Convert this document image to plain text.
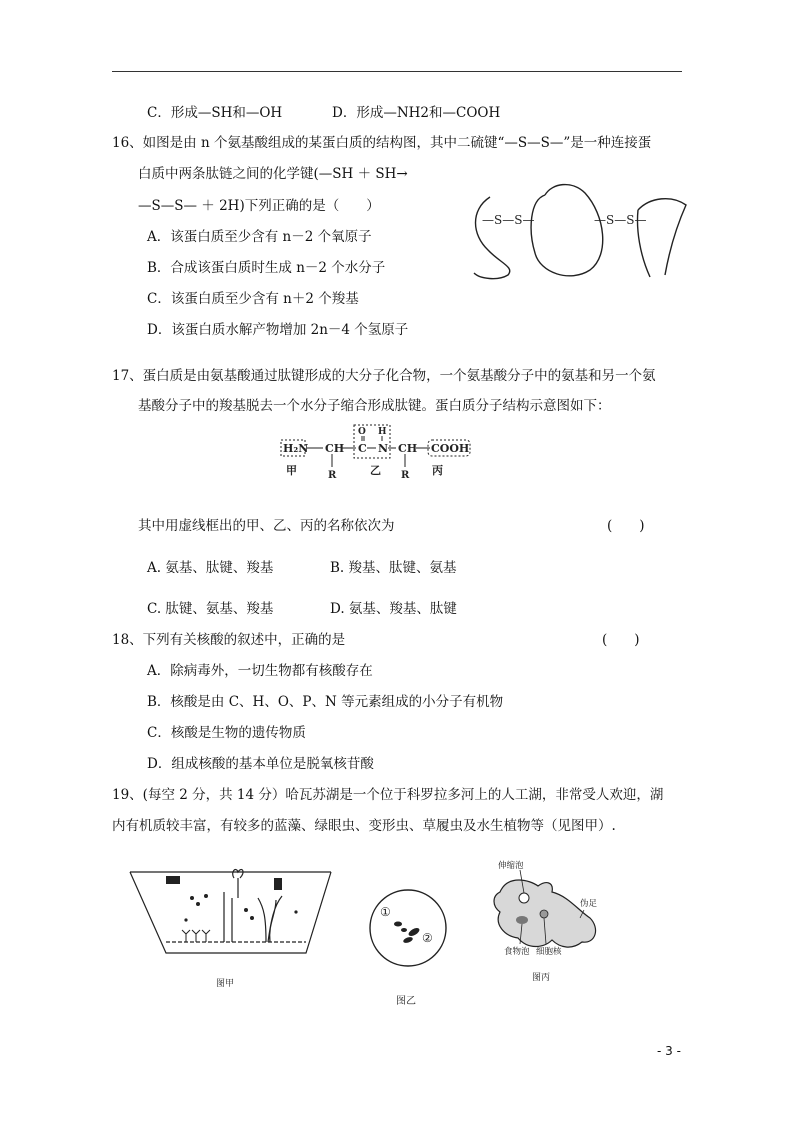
C．形成—SH和—OH	D．形成—NH2和—COOH
16、如图是由 n 个氨基酸组成的某蛋白质的结构图，其中二硫键“—S—S—”是一种连接蛋
白质中两条肽链之间的化学键(—SH ＋ SH→
—S—S— ＋ 2H)下列正确的是（　　）
A．该蛋白质至少含有 n－2 个氧原子
B．合成该蛋白质时生成 n－2 个水分子
C．该蛋白质至少含有 n＋2 个羧基
D．该蛋白质水解产物增加 2n－4 个氢原子
—S—S—	—S—S—
17、蛋白质是由氨基酸通过肽键形成的大分子化合物，一个氨基酸分子中的氨基和另一个氨
基酸分子中的羧基脱去一个水分子缩合形成肽键。蛋白质分子结构示意图如下：
H₂N CH C N CH COOH
O H
R	R
甲	乙	丙
其中用虚线框出的甲、乙、丙的名称依次为	(　　)
A. 氨基、肽键、羧基	B. 羧基、肽键、氨基
C. 肽键、氨基、羧基	D. 氨基、羧基、肽键
18、下列有关核酸的叙述中，正确的是	(　　)
A．除病毒外，一切生物都有核酸存在
B．核酸是由 C、H、O、P、N 等元素组成的小分子有机物
C．核酸是生物的遗传物质
D．组成核酸的基本单位是脱氧核苷酸
19、(每空 2 分，共 14 分）哈瓦苏湖是一个位于科罗拉多河上的人工湖，非常受人欢迎，湖
内有机质较丰富，有较多的蓝藻、绿眼虫、变形虫、草履虫及水生植物等（见图甲）.
图甲
①
②
图乙
伸缩泡
伪足
食物泡 细胞核
图丙
- 3 -
